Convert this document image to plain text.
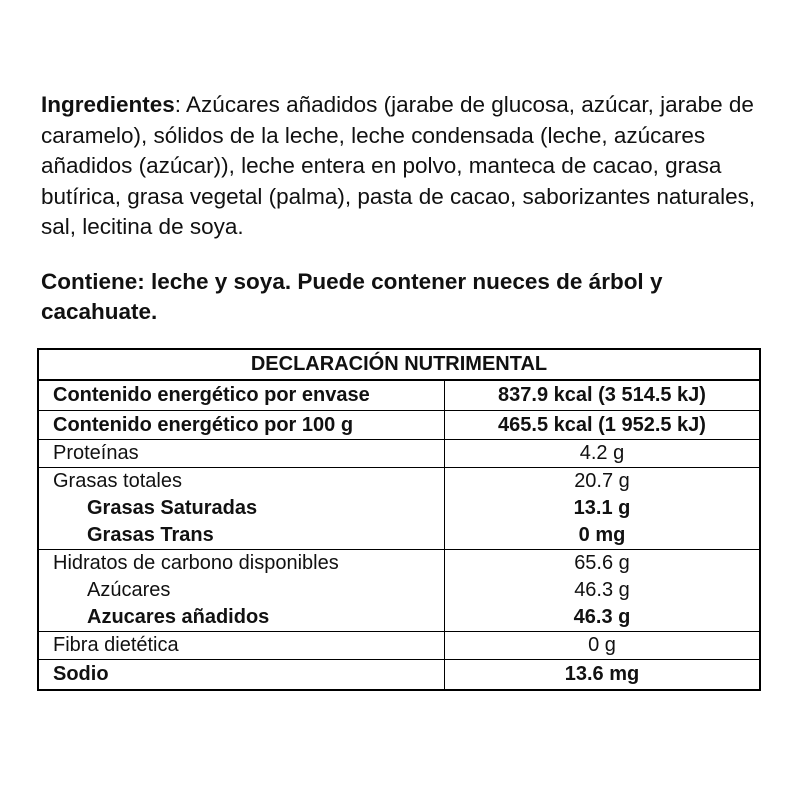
Ingredientes: Azúcares añadidos (jarabe de glucosa, azúcar, jarabe de caramelo), sólidos de la leche, leche condensada (leche, azúcares añadidos (azúcar)), leche entera en polvo, manteca de cacao, grasa butírica, grasa vegetal (palma), pasta de cacao, saborizantes naturales, sal, lecitina de soya.

Contiene: leche y soya. Puede contener nueces de árbol y cacahuate.

DECLARACIÓN NUTRIMENTAL
Contenido energético por envase	837.9 kcal (3 514.5 kJ)
Contenido energético por 100 g	465.5 kcal (1 952.5 kJ)
Proteínas	4.2 g
Grasas totales	20.7 g
Grasas Saturadas	13.1 g
Grasas Trans	0 mg
Hidratos de carbono disponibles	65.6 g
Azúcares	46.3 g
Azucares añadidos	46.3 g
Fibra dietética	0 g
Sodio	13.6 mg
